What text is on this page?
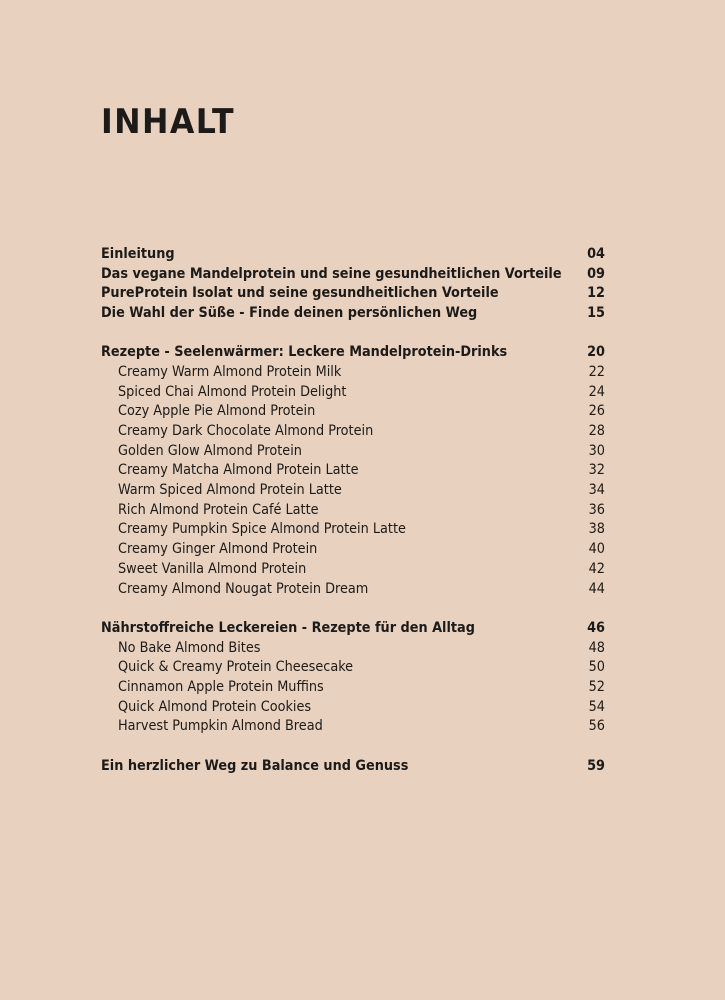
INHALT
Einleitung	04
Das vegane Mandelprotein und seine gesundheitlichen Vorteile 09
PureProtein Isolat und seine gesundheitlichen Vorteile	12
Die Wahl der Süße - Finde deinen persönlichen Weg	15
Rezepte - Seelenwärmer: Leckere Mandelprotein-Drinks	20
Creamy Warm Almond Protein Milk	22
Spiced Chai Almond Protein Delight	24
Cozy Apple Pie Almond Protein	26
Creamy Dark Chocolate Almond Protein	28
Golden Glow Almond Protein	30
Creamy Matcha Almond Protein Latte	32
Warm Spiced Almond Protein Latte	34
Rich Almond Protein Café Latte	36
Creamy Pumpkin Spice Almond Protein Latte	38
Creamy Ginger Almond Protein	40
Sweet Vanilla Almond Protein	42
Creamy Almond Nougat Protein Dream	44
Nährstoffreiche Leckereien - Rezepte für den Alltag	46
No Bake Almond Bites	48
Quick & Creamy Protein Cheesecake	50
Cinnamon Apple Protein Muffins	52
Quick Almond Protein Cookies	54
Harvest Pumpkin Almond Bread	56
Ein herzlicher Weg zu Balance und Genuss	59
